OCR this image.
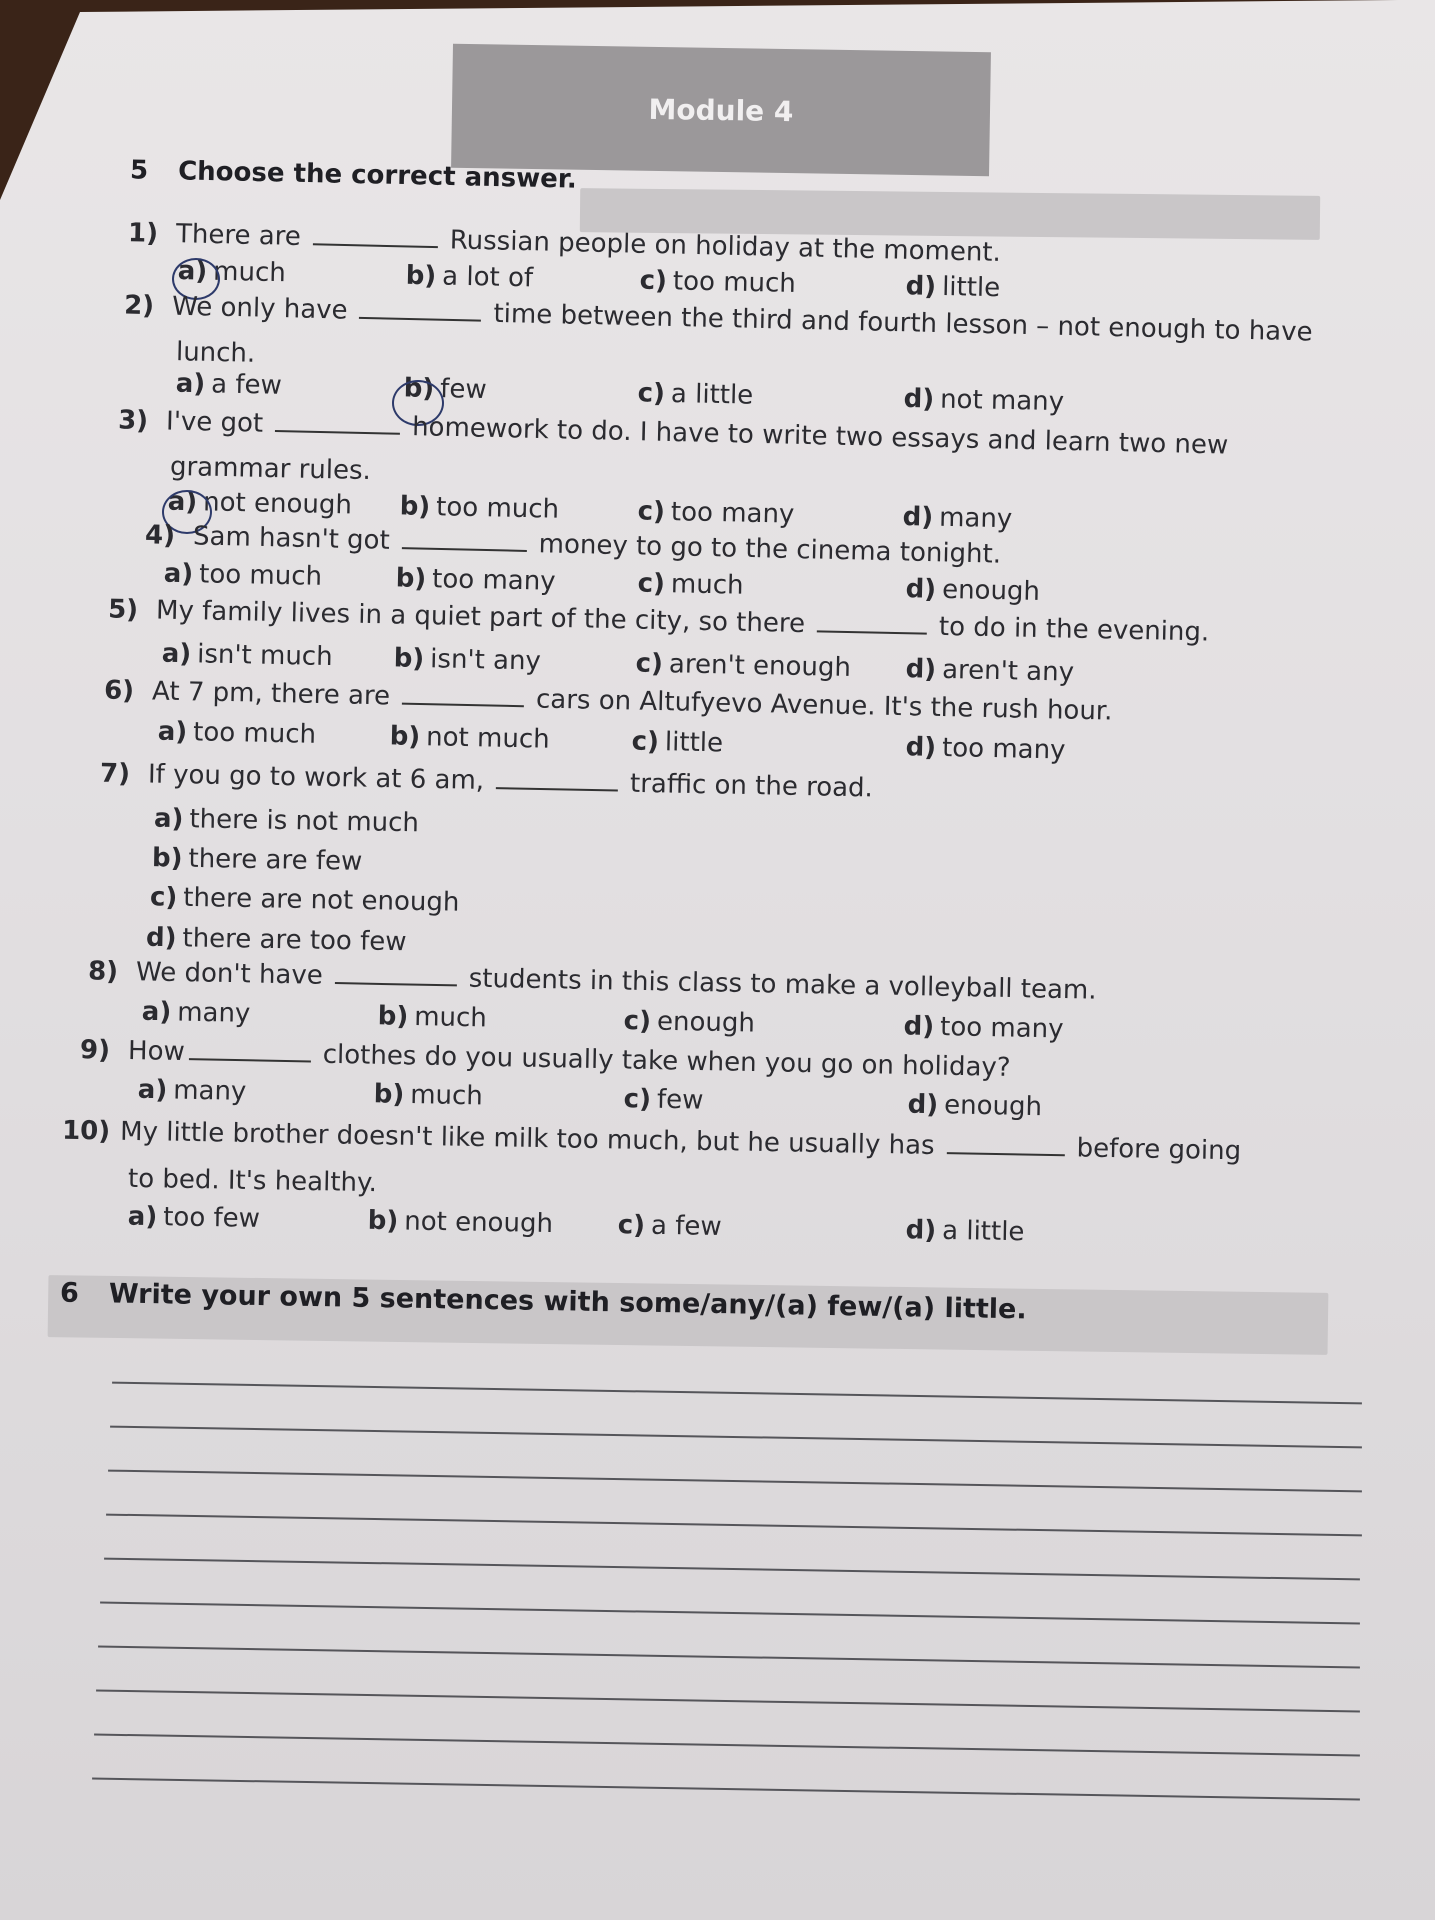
Module 4
5 Choose the correct answer.
1) There are	Russian people on holiday at the moment.
a) much	b) a lot of	c) too much	d) little
2) We only have	time between the third and fourth lesson – not enough to have
lunch.
a) a few	b) few	c) a little	d) not many
3) I've got	homework to do. I have to write two essays and learn two new
grammar rules.
a) not enough b) too much	c) too many	d) many
4) Sam hasn't got	money to go to the cinema tonight.
a) too much	b) too many	c) much	d) enough
5) My family lives in a quiet part of the city, so there	to do in the evening.
a) isn't much b) isn't any	c) aren't enough d) aren't any
6) At 7 pm, there are	cars on Altufyevo Avenue. It's the rush hour.
a) too much	b) not much	c) little	d) too many
7) If you go to work at 6 am,	traffic on the road.
a) there is not much
b) there are few
c) there are not enough
d) there are too few
8) We don't have	students in this class to make a volleyball team.
a) many	b) much	c) enough	d) too many
9) How	clothes do you usually take when you go on holiday?
a) many	b) much	c) few	d) enough
10) My little brother doesn't like milk too much, but he usually has	before going
to bed. It's healthy.
a) too few	b) not enough c) a few	d) a little
6 Write your own 5 sentences with some/any/(a) few/(a) little.
